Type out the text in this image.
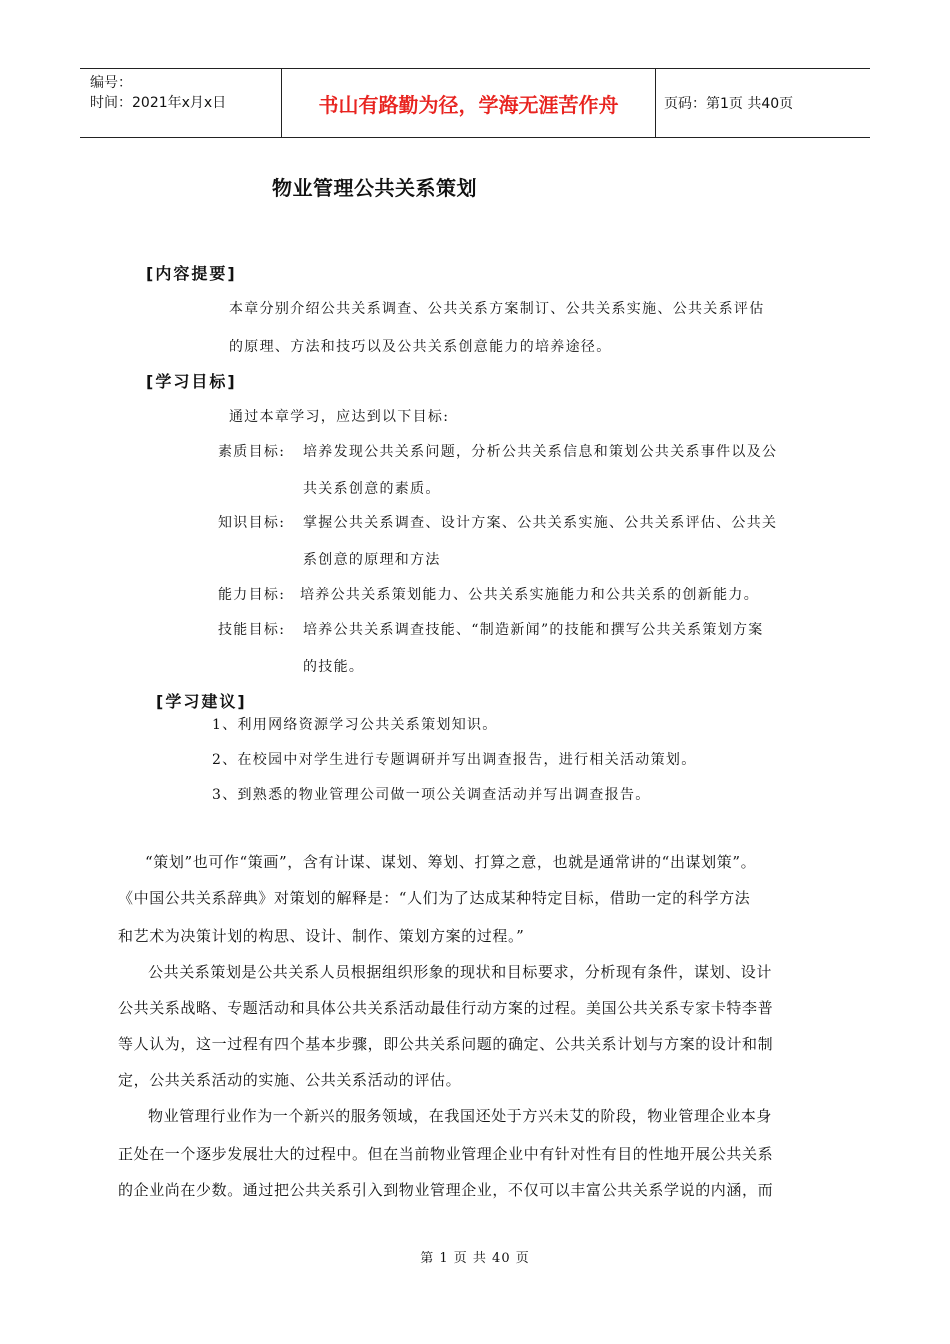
编号：
时间：2021年x月x日	书山有路勤为径，学海无涯苦作舟	页码：第1页 共40页
物业管理公共关系策划
[内容提要]
本章分别介绍公共关系调查、公共关系方案制订、公共关系实施、公共关系评估
的原理、方法和技巧以及公共关系创意能力的培养途径。
[学习目标]
通过本章学习，应达到以下目标:
素质目标: 培养发现公共关系问题，分析公共关系信息和策划公共关系事件以及公
共关系创意的素质。
知识目标: 掌握公共关系调查、设计方案、公共关系实施、公共关系评估、公共关
系创意的原理和方法
能力目标: 培养公共关系策划能力、公共关系实施能力和公共关系的创新能力。
技能目标: 培养公共关系调查技能、“制造新闻”的技能和撰写公共关系策划方案
的技能。
[学习建议]
1、利用网络资源学习公共关系策划知识。
2、在校园中对学生进行专题调研并写出调查报告，进行相关活动策划。
3、到熟悉的物业管理公司做一项公关调查活动并写出调查报告。
“策划”也可作“策画”，含有计谋、谋划、筹划、打算之意，也就是通常讲的“出谋划策”。
《中国公共关系辞典》对策划的解释是：“人们为了达成某种特定目标，借助一定的科学方法
和艺术为决策计划的构思、设计、制作、策划方案的过程。”
公共关系策划是公共关系人员根据组织形象的现状和目标要求，分析现有条件，谋划、设计
公共关系战略、专题活动和具体公共关系活动最佳行动方案的过程。美国公共关系专家卡特李普
等人认为，这一过程有四个基本步骤，即公共关系问题的确定、公共关系计划与方案的设计和制
定，公共关系活动的实施、公共关系活动的评估。
物业管理行业作为一个新兴的服务领域，在我国还处于方兴未艾的阶段，物业管理企业本身
正处在一个逐步发展壮大的过程中。但在当前物业管理企业中有针对性有目的性地开展公共关系
的企业尚在少数。通过把公共关系引入到物业管理企业，不仅可以丰富公共关系学说的内涵，而
第 1 页 共 40 页
